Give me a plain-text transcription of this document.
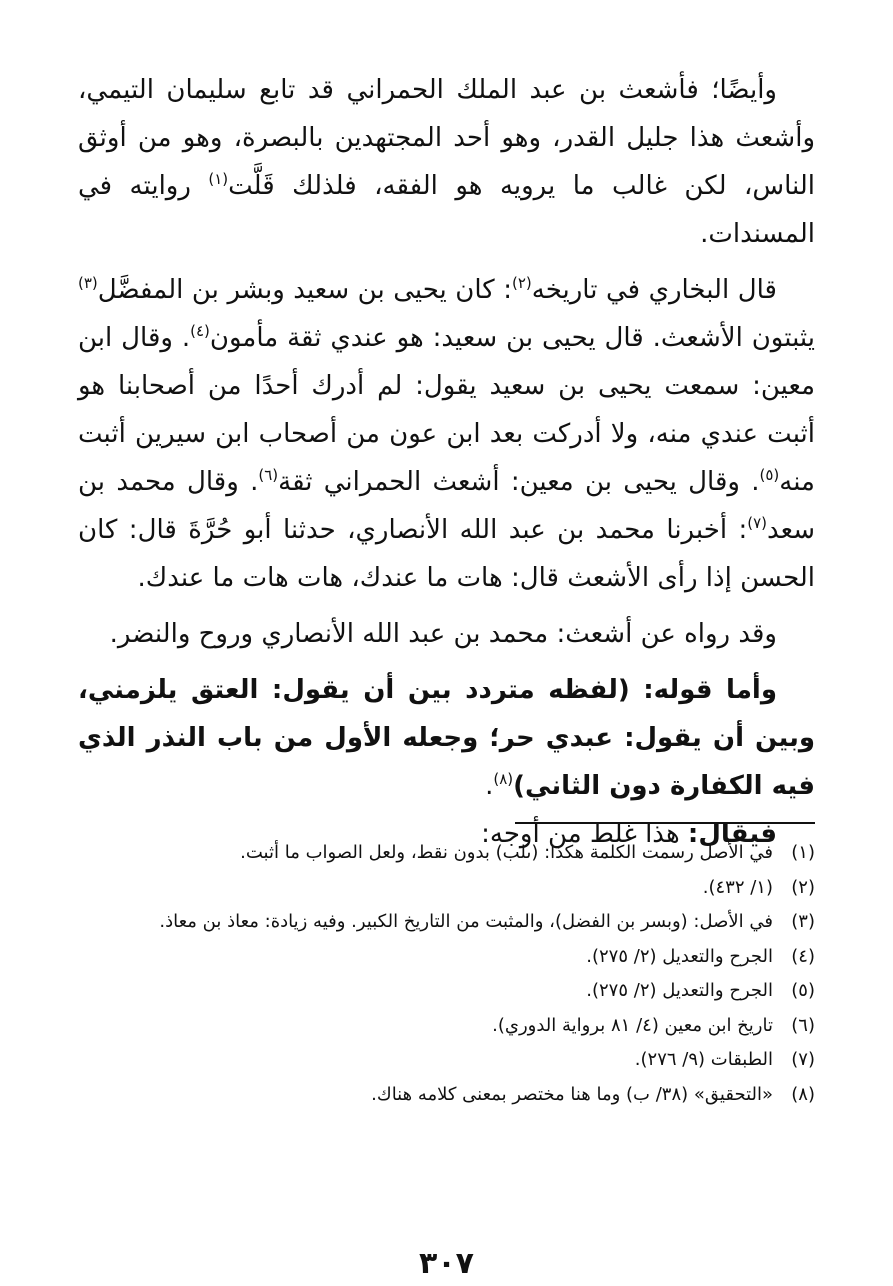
وأيضًا؛ فأشعث بن عبد الملك الحمراني قد تابع سليمان التيمي، وأشعث هذا جليل القدر، وهو أحد المجتهدين بالبصرة، وهو من أوثق الناس، لكن غالب ما يرويه هو الفقه، فلذلك قَلَّت$^{(١)}$ روايته في المسندات.

قال البخاري في تاريخه$^{(٢)}$: كان يحيى بن سعيد وبشر بن المفضَّل$^{(٣)}$ يثبتون الأشعث. قال يحيى بن سعيد: هو عندي ثقة مأمون$^{(٤)}$. وقال ابن معين: سمعت يحيى بن سعيد يقول: لم أدرك أحدًا من أصحابنا هو أثبت عندي منه، ولا أدركت بعد ابن عون من أصحاب ابن سيرين أثبت منه$^{(٥)}$. وقال يحيى بن معين: أشعث الحمراني ثقة$^{(٦)}$. وقال محمد بن سعد$^{(٧)}$: أخبرنا محمد بن عبد الله الأنصاري، حدثنا أبو حُرَّةَ قال: كان الحسن إذا رأى الأشعث قال: هات ما عندك، هات هات ما عندك.

وقد رواه عن أشعث: محمد بن عبد الله الأنصاري وروح والنضر.

وأما قوله: (لفظه متردد بين أن يقول: العتق يلزمني، وبين أن يقول: عبدي حر؛ وجعله الأول من باب النذر الذي فيه الكفارة دون الثاني)$^{(٨)}$.

فيقال: هذا غلط من أوجه:

(١)
في الأصل رسمت الكلمة هكذا: (ىلب) بدون نقط، ولعل الصواب ما أثبت.
(٢)
(١/ ٤٣٢).
(٣)
في الأصل: (وبسر بن الفضل)، والمثبت من التاريخ الكبير. وفيه زيادة: معاذ بن معاذ.
(٤)
الجرح والتعديل (٢/ ٢٧٥).
(٥)
الجرح والتعديل (٢/ ٢٧٥).
(٦)
تاريخ ابن معين (٤/ ٨١ برواية الدوري).
(٧)
الطبقات (٩/ ٢٧٦).
(٨)
«التحقيق» (٣٨/ ب) وما هنا مختصر بمعنى كلامه هناك.
٣٠٧
